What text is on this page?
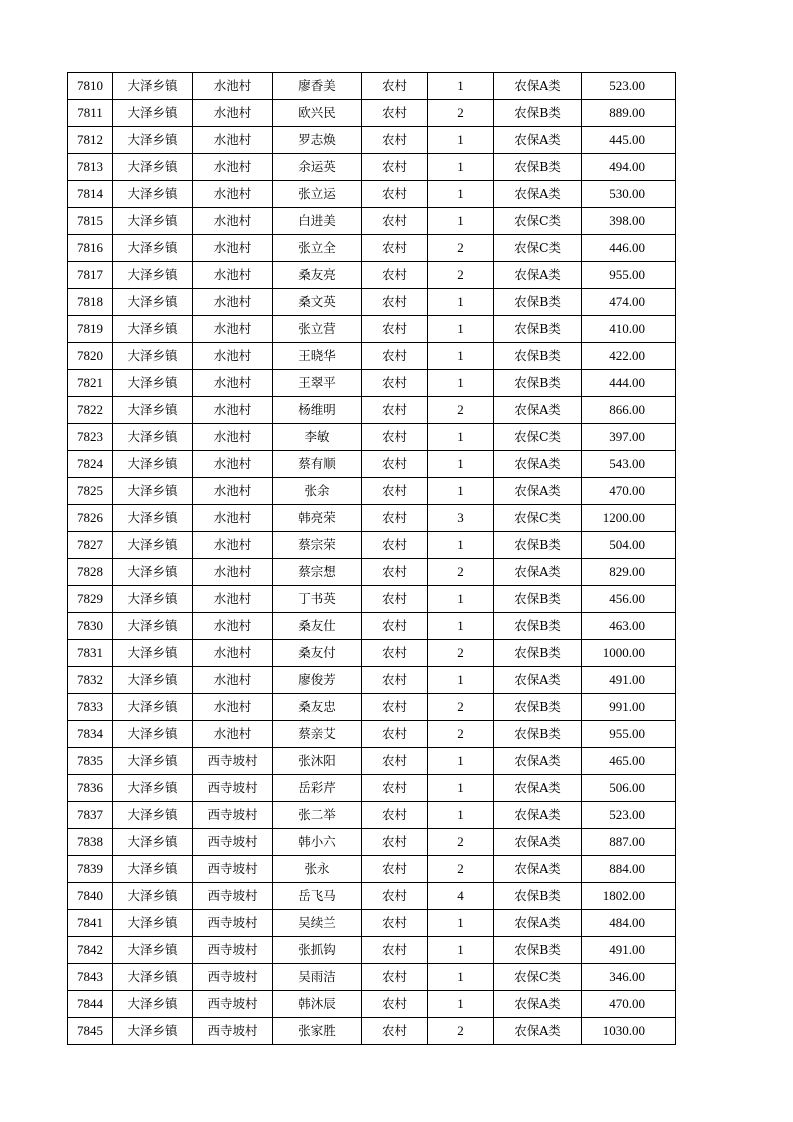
7810	大泽乡镇	水池村	廖香美	农村	1	农保A类	523.00
7811	大泽乡镇	水池村	欧兴民	农村	2	农保B类	889.00
7812	大泽乡镇	水池村	罗志焕	农村	1	农保A类	445.00
7813	大泽乡镇	水池村	余运英	农村	1	农保B类	494.00
7814	大泽乡镇	水池村	张立运	农村	1	农保A类	530.00
7815	大泽乡镇	水池村	白进美	农村	1	农保C类	398.00
7816	大泽乡镇	水池村	张立全	农村	2	农保C类	446.00
7817	大泽乡镇	水池村	桑友亮	农村	2	农保A类	955.00
7818	大泽乡镇	水池村	桑文英	农村	1	农保B类	474.00
7819	大泽乡镇	水池村	张立营	农村	1	农保B类	410.00
7820	大泽乡镇	水池村	王晓华	农村	1	农保B类	422.00
7821	大泽乡镇	水池村	王翠平	农村	1	农保B类	444.00
7822	大泽乡镇	水池村	杨维明	农村	2	农保A类	866.00
7823	大泽乡镇	水池村	李敏	农村	1	农保C类	397.00
7824	大泽乡镇	水池村	蔡有顺	农村	1	农保A类	543.00
7825	大泽乡镇	水池村	张余	农村	1	农保A类	470.00
7826	大泽乡镇	水池村	韩亮荣	农村	3	农保C类	1200.00
7827	大泽乡镇	水池村	蔡宗荣	农村	1	农保B类	504.00
7828	大泽乡镇	水池村	蔡宗想	农村	2	农保A类	829.00
7829	大泽乡镇	水池村	丁书英	农村	1	农保B类	456.00
7830	大泽乡镇	水池村	桑友仕	农村	1	农保B类	463.00
7831	大泽乡镇	水池村	桑友付	农村	2	农保B类	1000.00
7832	大泽乡镇	水池村	廖俊芳	农村	1	农保A类	491.00
7833	大泽乡镇	水池村	桑友忠	农村	2	农保B类	991.00
7834	大泽乡镇	水池村	蔡亲艾	农村	2	农保B类	955.00
7835	大泽乡镇	西寺坡村	张沐阳	农村	1	农保A类	465.00
7836	大泽乡镇	西寺坡村	岳彩芹	农村	1	农保A类	506.00
7837	大泽乡镇	西寺坡村	张二举	农村	1	农保A类	523.00
7838	大泽乡镇	西寺坡村	韩小六	农村	2	农保A类	887.00
7839	大泽乡镇	西寺坡村	张永	农村	2	农保A类	884.00
7840	大泽乡镇	西寺坡村	岳飞马	农村	4	农保B类	1802.00
7841	大泽乡镇	西寺坡村	吴续兰	农村	1	农保A类	484.00
7842	大泽乡镇	西寺坡村	张抓钩	农村	1	农保B类	491.00
7843	大泽乡镇	西寺坡村	吴雨洁	农村	1	农保C类	346.00
7844	大泽乡镇	西寺坡村	韩沐辰	农村	1	农保A类	470.00
7845	大泽乡镇	西寺坡村	张家胜	农村	2	农保A类	1030.00
